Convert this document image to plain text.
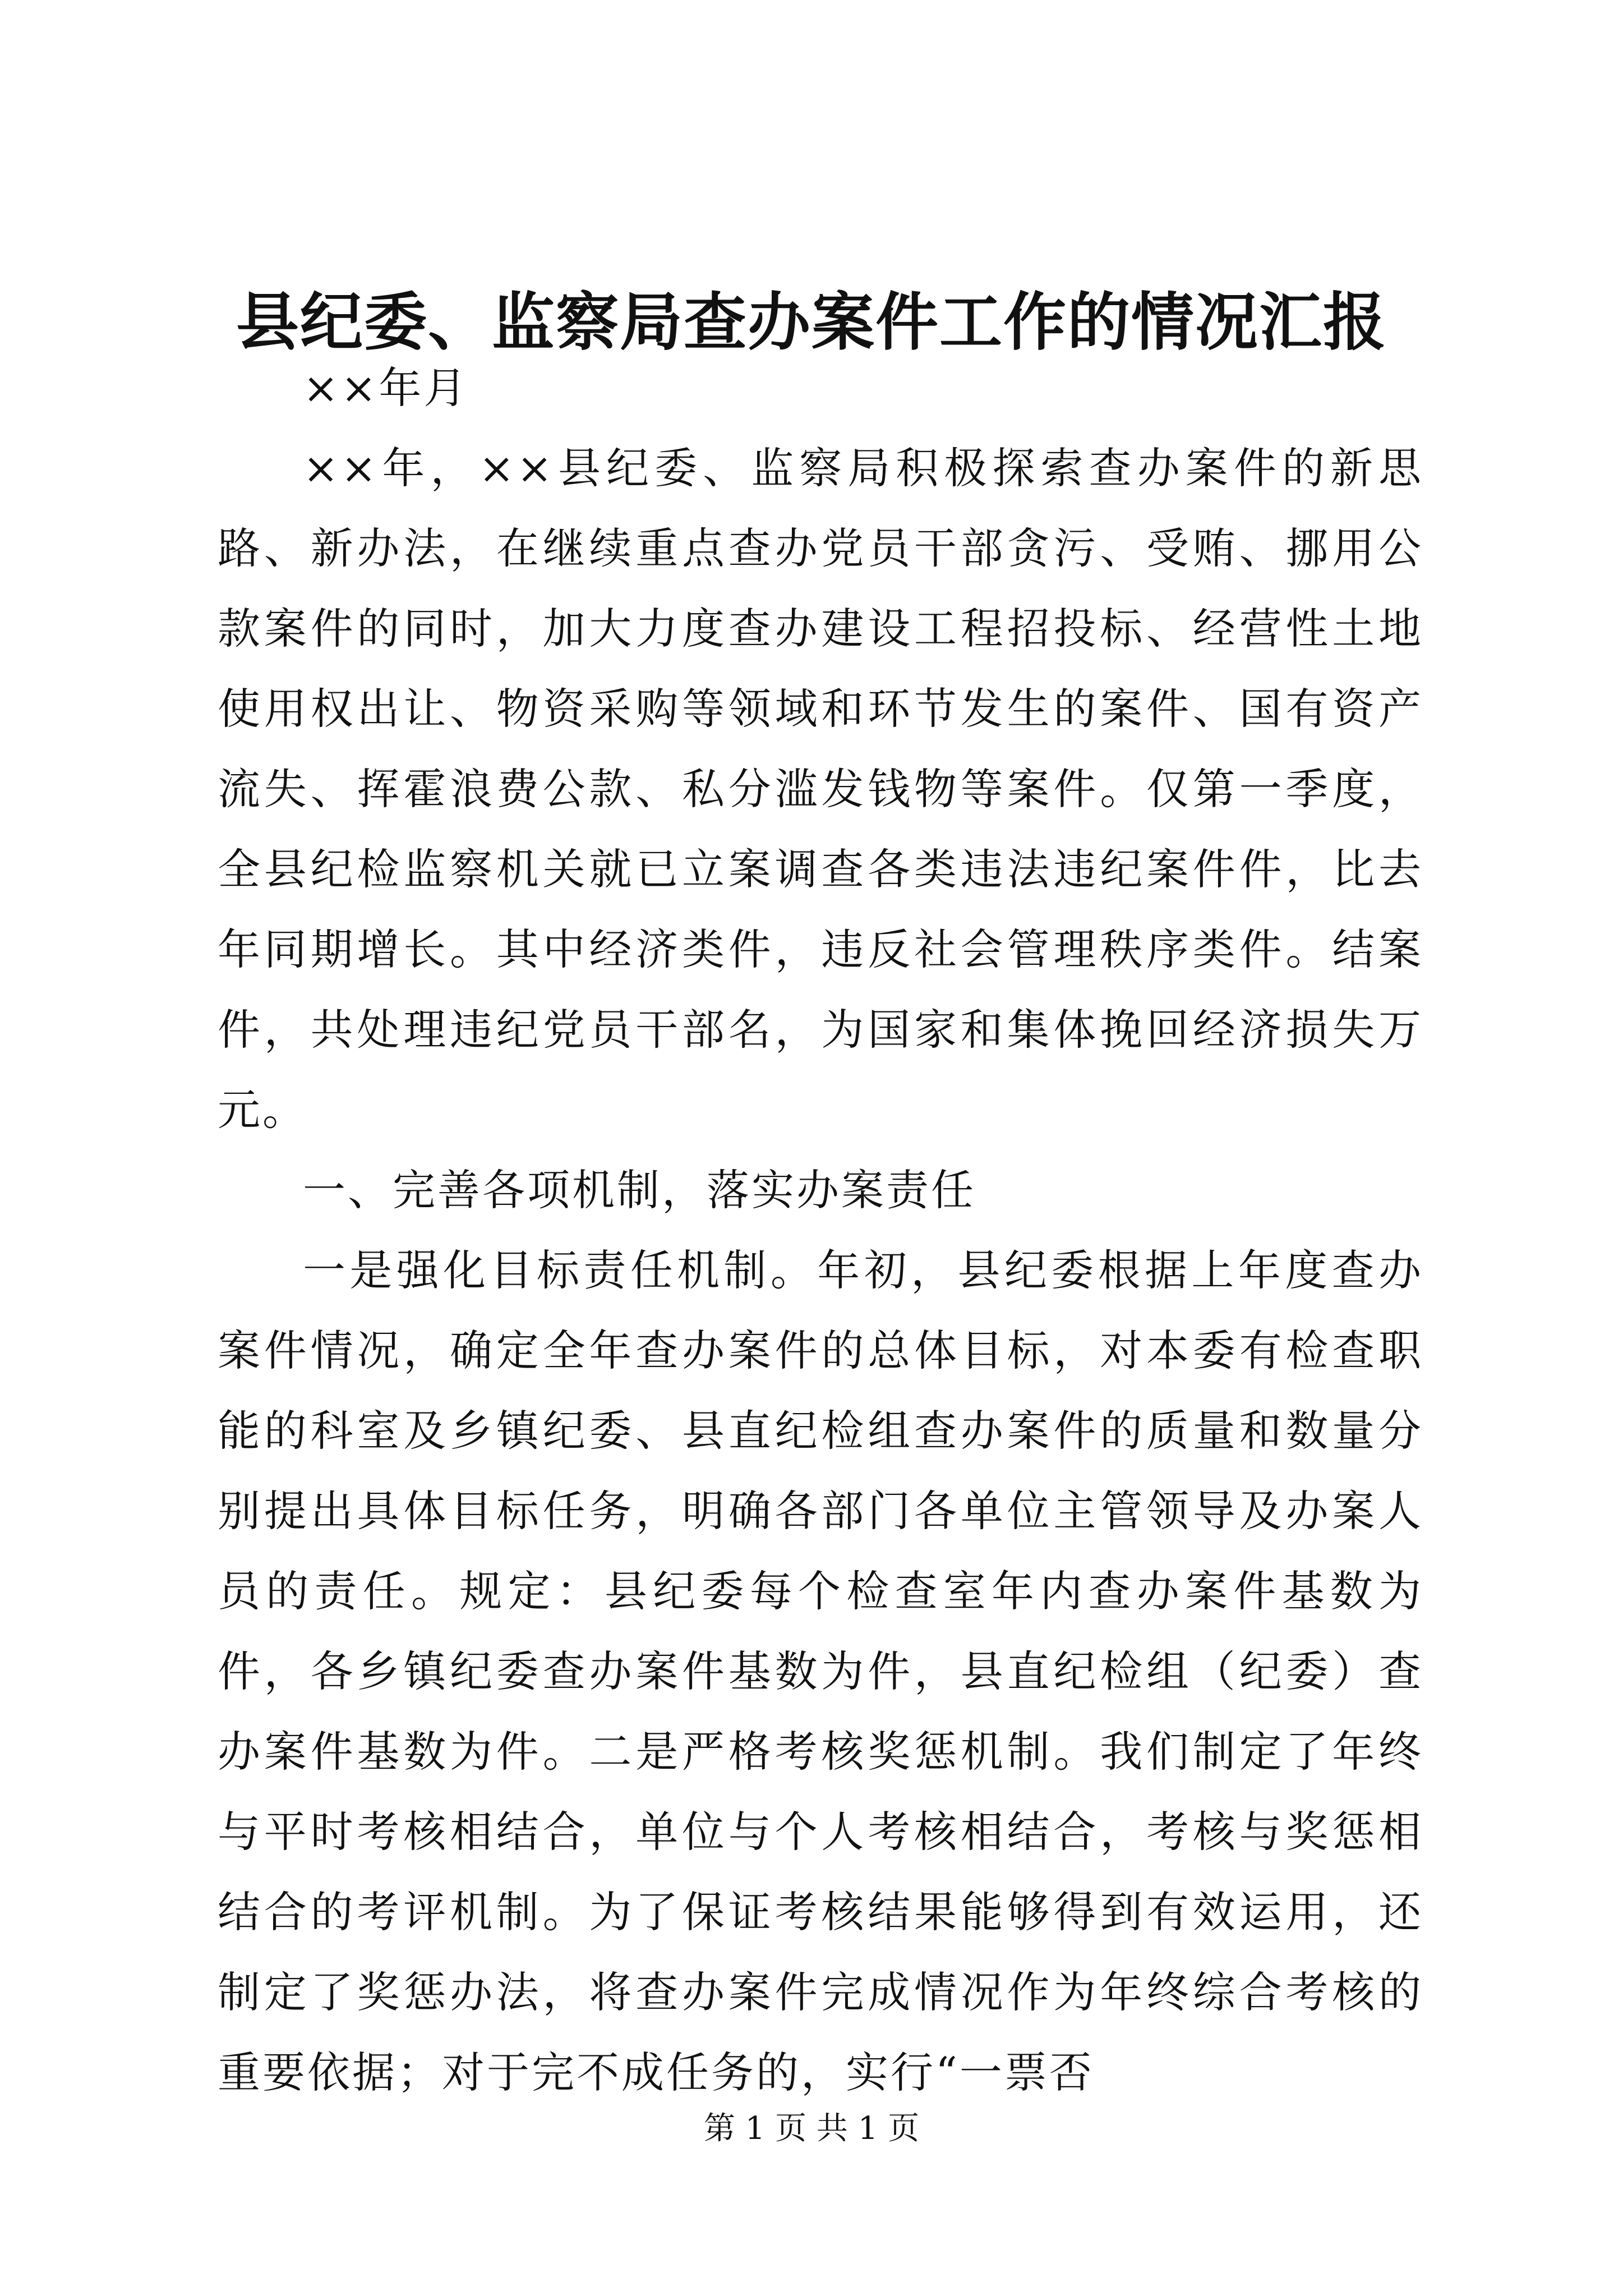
县纪委、监察局查办案件工作的情况汇报

××年月

××年，××县纪委、监察局积极探索查办案件的新思路、新办法，在继续重点查办党员干部贪污、受贿、挪用公款案件的同时，加大力度查办建设工程招投标、经营性土地使用权出让、物资采购等领域和环节发生的案件、国有资产流失、挥霍浪费公款、私分滥发钱物等案件。仅第一季度，全县纪检监察机关就已立案调查各类违法违纪案件件，比去年同期增长。其中经济类件，违反社会管理秩序类件。结案件，共处理违纪党员干部名，为国家和集体挽回经济损失万元。

一、完善各项机制，落实办案责任

一是强化目标责任机制。年初，县纪委根据上年度查办案件情况，确定全年查办案件的总体目标，对本委有检查职能的科室及乡镇纪委、县直纪检组查办案件的质量和数量分别提出具体目标任务，明确各部门各单位主管领导及办案人员的责任。规定：县纪委每个检查室年内查办案件基数为件，各乡镇纪委查办案件基数为件，县直纪检组（纪委）查办案件基数为件。二是严格考核奖惩机制。我们制定了年终与平时考核相结合，单位与个人考核相结合，考核与奖惩相结合的考评机制。为了保证考核结果能够得到有效运用，还制定了奖惩办法，将查办案件完成情况作为年终综合考核的重要依据；对于完不成任务的，实行“一票否

第 1 页 共 1 页
